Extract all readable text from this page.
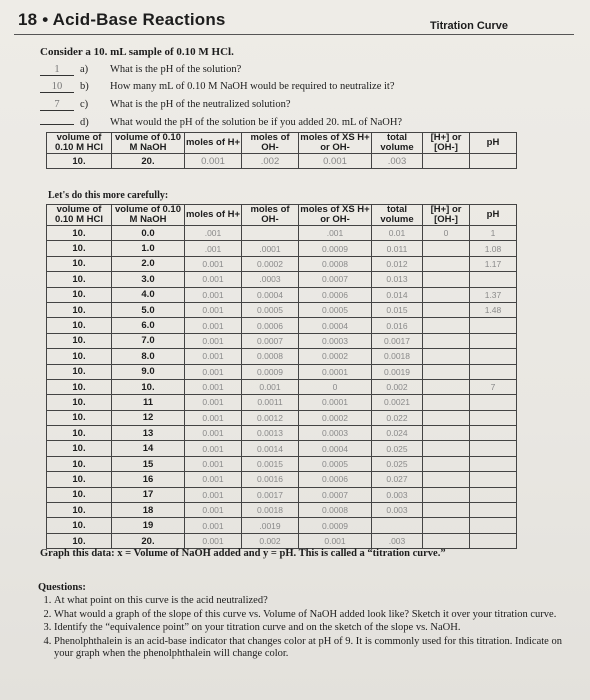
18 • Acid-Base Reactions	Titration Curve
Consider a 10. mL sample of 0.10 M HCl.
1 a) What is the pH of the solution?
10 b) How many mL of 0.10 M NaOH would be required to neutralize it?
7 c) What is the pH of the neutralized solution?
d) What would the pH of the solution be if you added 20. mL of NaOH?
volume of 0.10 M HCl	volume of 0.10 M NaOH	moles of H+	moles of OH-	moles of XS H+ or OH-	total volume	[H+] or [OH-]	pH
10.	20.	0.001	.002	0.001	.003		
Let's do this more carefully:
volume of 0.10 M HCl	volume of 0.10 M NaOH	moles of H+	moles of OH-	moles of XS H+ or OH-	total volume	[H+] or [OH-]	pH
10.	0.0	.001		.001	0.01	0	1
10.	1.0	.001	.0001	0.0009	0.011		1.08
10.	2.0	0.001	0.0002	0.0008	0.012		1.17
10.	3.0	0.001	.0003	0.0007	0.013		
10.	4.0	0.001	0.0004	0.0006	0.014		1.37
10.	5.0	0.001	0.0005	0.0005	0.015		1.48
10.	6.0	0.001	0.0006	0.0004	0.016		
10.	7.0	0.001	0.0007	0.0003	0.0017		
10.	8.0	0.001	0.0008	0.0002	0.0018		
10.	9.0	0.001	0.0009	0.0001	0.0019		
10.	10.	0.001	0.001	0	0.002		7
10.	11	0.001	0.0011	0.0001	0.0021		
10.	12	0.001	0.0012	0.0002	0.022		
10.	13	0.001	0.0013	0.0003	0.024		
10.	14	0.001	0.0014	0.0004	0.025		
10.	15	0.001	0.0015	0.0005	0.025		
10.	16	0.001	0.0016	0.0006	0.027		
10.	17	0.001	0.0017	0.0007	0.003		
10.	18	0.001	0.0018	0.0008	0.003		
10.	19	0.001	.0019	0.0009			
10.	20.	0.001	0.002	0.001	.003		
Graph this data: x = Volume of NaOH added and y = pH. This is called a “titration curve.”
Questions:
1. At what point on this curve is the acid neutralized?
2. What would a graph of the slope of this curve vs. Volume of NaOH added look like? Sketch it over your titration curve.
3. Identify the “equivalence point” on your titration curve and on the sketch of the slope vs. NaOH.
4. Phenolphthalein is an acid-base indicator that changes color at pH of 9. It is commonly used for this titration. Indicate on your graph when the phenolphthalein will change color.
